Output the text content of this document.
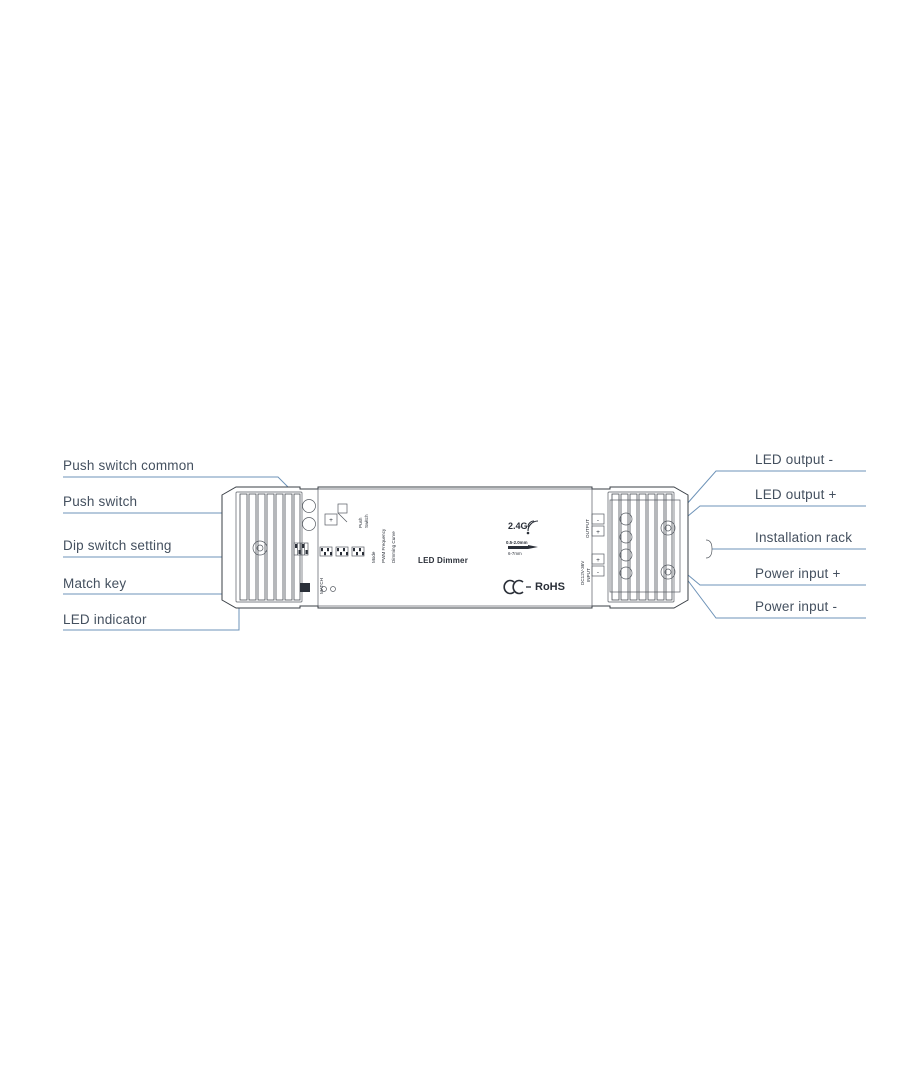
+	-
+
+
-
Push switch common
Push switch
Dip switch setting
Match key
LED indicator
LED output -
LED output +
Installation rack
Power input +
Power input -
LED Dimmer
2.4G
RoHS
0.5-2.0mm
6-7mm
MATCH
Switch
Push
Dimming Curve
PWM Frequency
Mode
OUTPUT
INPUT
DC12V-36V
